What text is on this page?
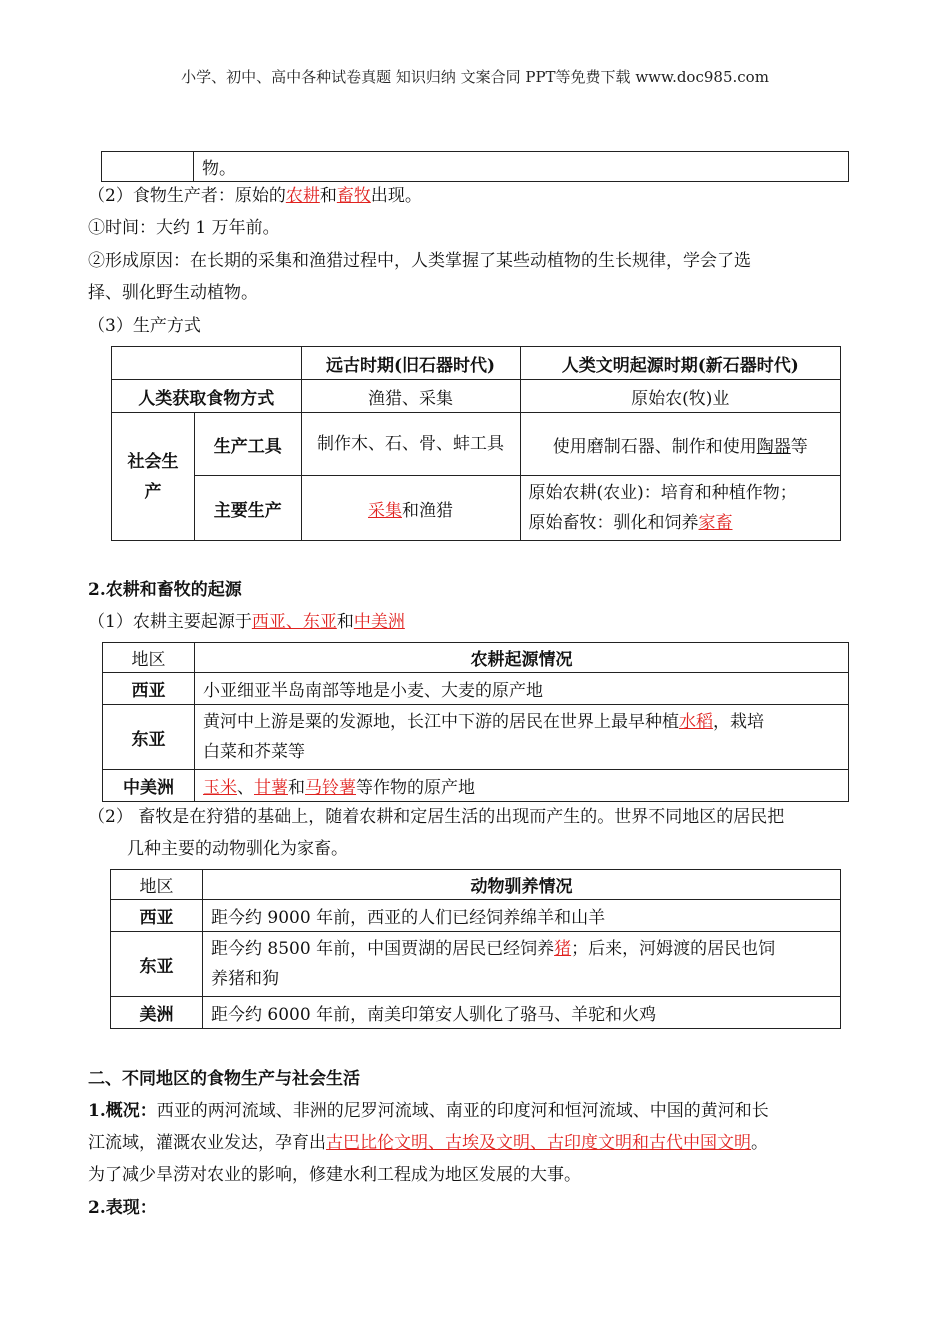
小学、初中、高中各种试卷真题 知识归纳 文案合同 PPT等免费下载 www.doc985.com
	物。
（2）食物生产者：原始的农耕和畜牧出现。
①时间：大约 1 万年前。
②形成原因：在长期的采集和渔猎过程中，人类掌握了某些动植物的生长规律，学会了选
择、驯化野生动植物。
（3）生产方式
		远古时期(旧石器时代)	人类文明起源时期(新石器时代)
人类获取食物方式		渔猎、采集	原始农(牧)业
社会生产	生产工具	制作木、石、骨、蚌工具	使用磨制石器、制作和使用陶器等
	主要生产	采集和渔猎	原始农耕(农业)：培育和种植作物；
原始畜牧：驯化和饲养家畜
2.农耕和畜牧的起源
（1）农耕主要起源于西亚、东亚和中美洲
地区	农耕起源情况
西亚	小亚细亚半岛南部等地是小麦、大麦的原产地
东亚	黄河中上游是粟的发源地，长江中下游的居民在世界上最早种植水稻，栽培
白菜和芥菜等

中美洲	玉米、甘薯和马铃薯等作物的原产地
（2） 畜牧是在狩猎的基础上，随着农耕和定居生活的出现而产生的。世界不同地区的居民把
几种主要的动物驯化为家畜。
地区	动物驯养情况
西亚	距今约 9000 年前，西亚的人们已经饲养绵羊和山羊
东亚	距今约 8500 年前，中国贾湖的居民已经饲养猪；后来，河姆渡的居民也饲
养猪和狗

美洲	距今约 6000 年前，南美印第安人驯化了骆马、羊驼和火鸡
二、不同地区的食物生产与社会生活
1.概况：西亚的两河流域、非洲的尼罗河流域、南亚的印度河和恒河流域、中国的黄河和长
江流域，灌溉农业发达，孕育出古巴比伦文明、古埃及文明、古印度文明和古代中国文明。
为了减少旱涝对农业的影响，修建水利工程成为地区发展的大事。
2.表现：
